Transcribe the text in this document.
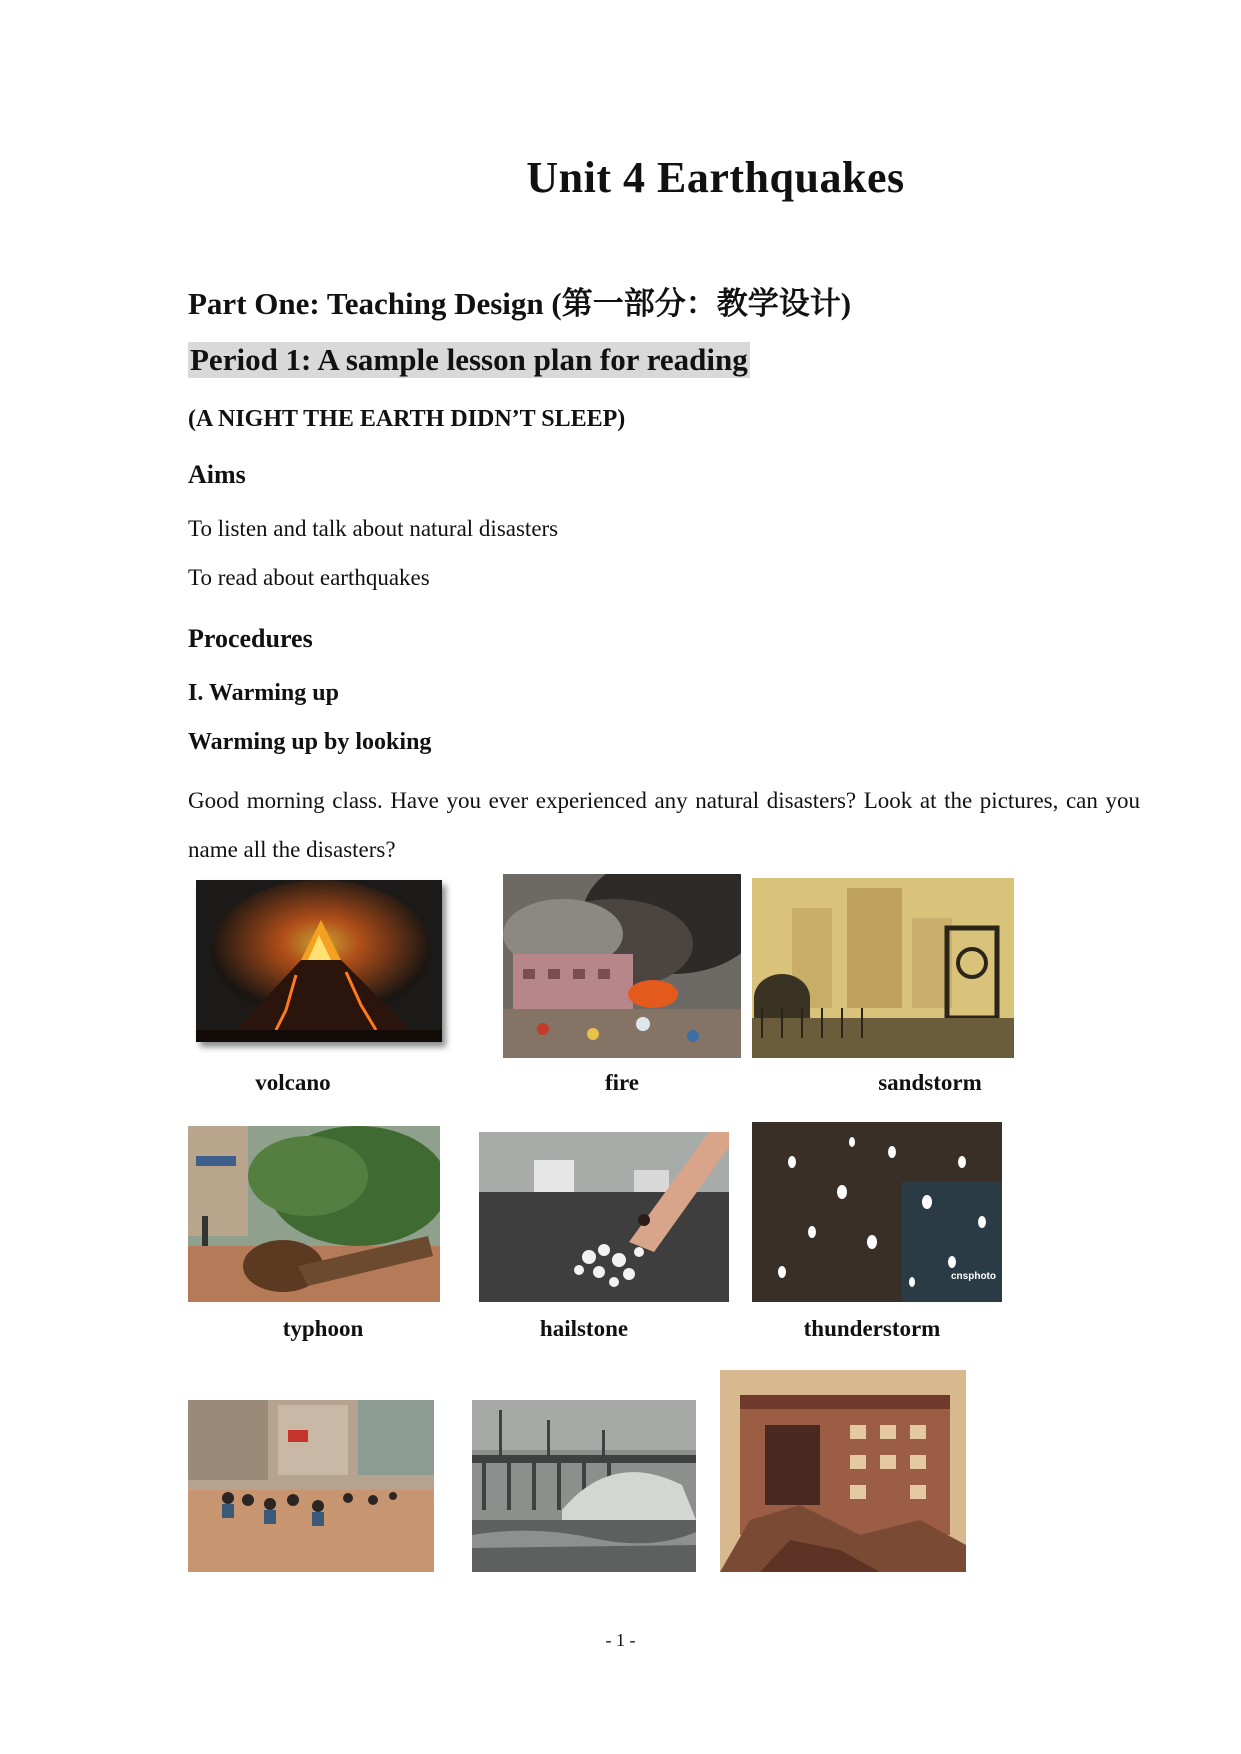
Unit 4 Earthquakes
Part One: Teaching Design (第一部分：教学设计)
Period 1: A sample lesson plan for reading
(A NIGHT THE EARTH DIDN’T SLEEP)
Aims
To listen and talk about natural disasters
To read about earthquakes
Procedures
I. Warming up
Warming up by looking
Good morning class. Have you ever experienced any natural disasters? Look at the pictures, can you name all the disasters?
volcano	fire	sandstorm
cnsphoto
typhoon	hailstone	thunderstorm
- 1 -
